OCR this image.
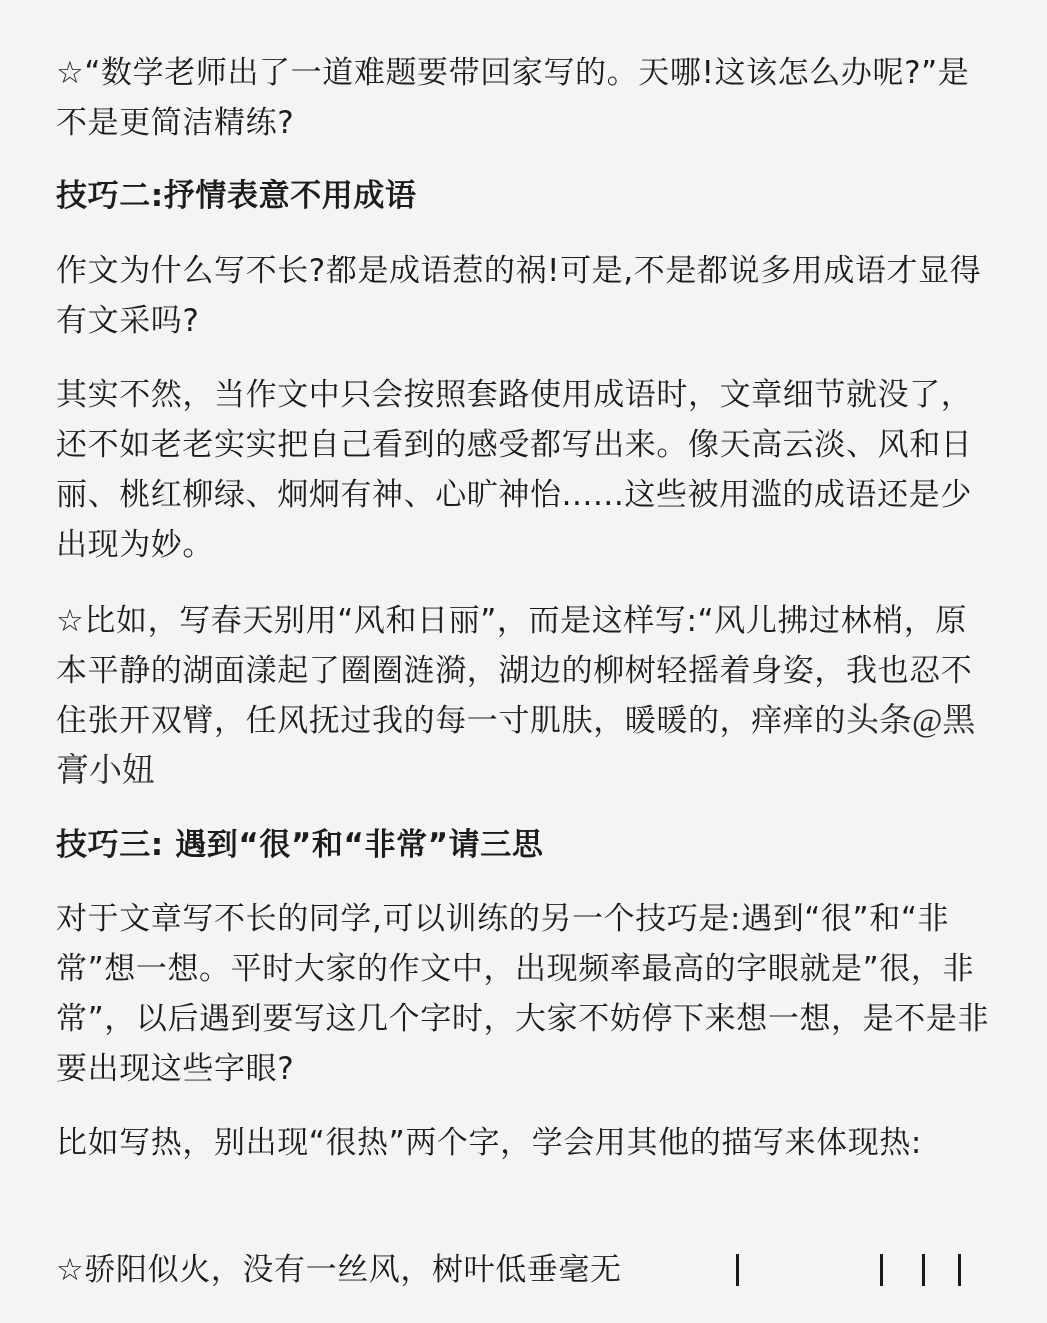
☆“数学老师出了一道难题要带回家写的。天哪!这该怎么办呢?”是不是更简洁精练?

技巧二:抒情表意不用成语

作文为什么写不长?都是成语惹的祸!可是,不是都说多用成语才显得有文采吗?

其实不然，当作文中只会按照套路使用成语时，文章细节就没了，还不如老老实实把自己看到的感受都写出来。像天高云淡、风和日丽、桃红柳绿、炯炯有神、心旷神怡......这些被用滥的成语还是少出现为妙。

☆比如，写春天别用“风和日丽”，而是这样写:“风儿拂过林梢，原本平静的湖面漾起了圈圈涟漪，湖边的柳树轻摇着身姿，我也忍不住张开双臂，任风抚过我的每一寸肌肤，暖暖的，痒痒的头条@黑膏小妞

技巧三: 遇到“很”和“非常”请三思

对于文章写不长的同学,可以训练的另一个技巧是:遇到“很”和“非常”想一想。平时大家的作文中，出现频率最高的字眼就是”很，非常”，以后遇到要写这几个字时，大家不妨停下来想一想，是不是非要出现这些字眼?

比如写热，别出现“很热”两个字，学会用其他的描写来体现热:

☆骄阳似火，没有一丝风，树叶低垂毫无
